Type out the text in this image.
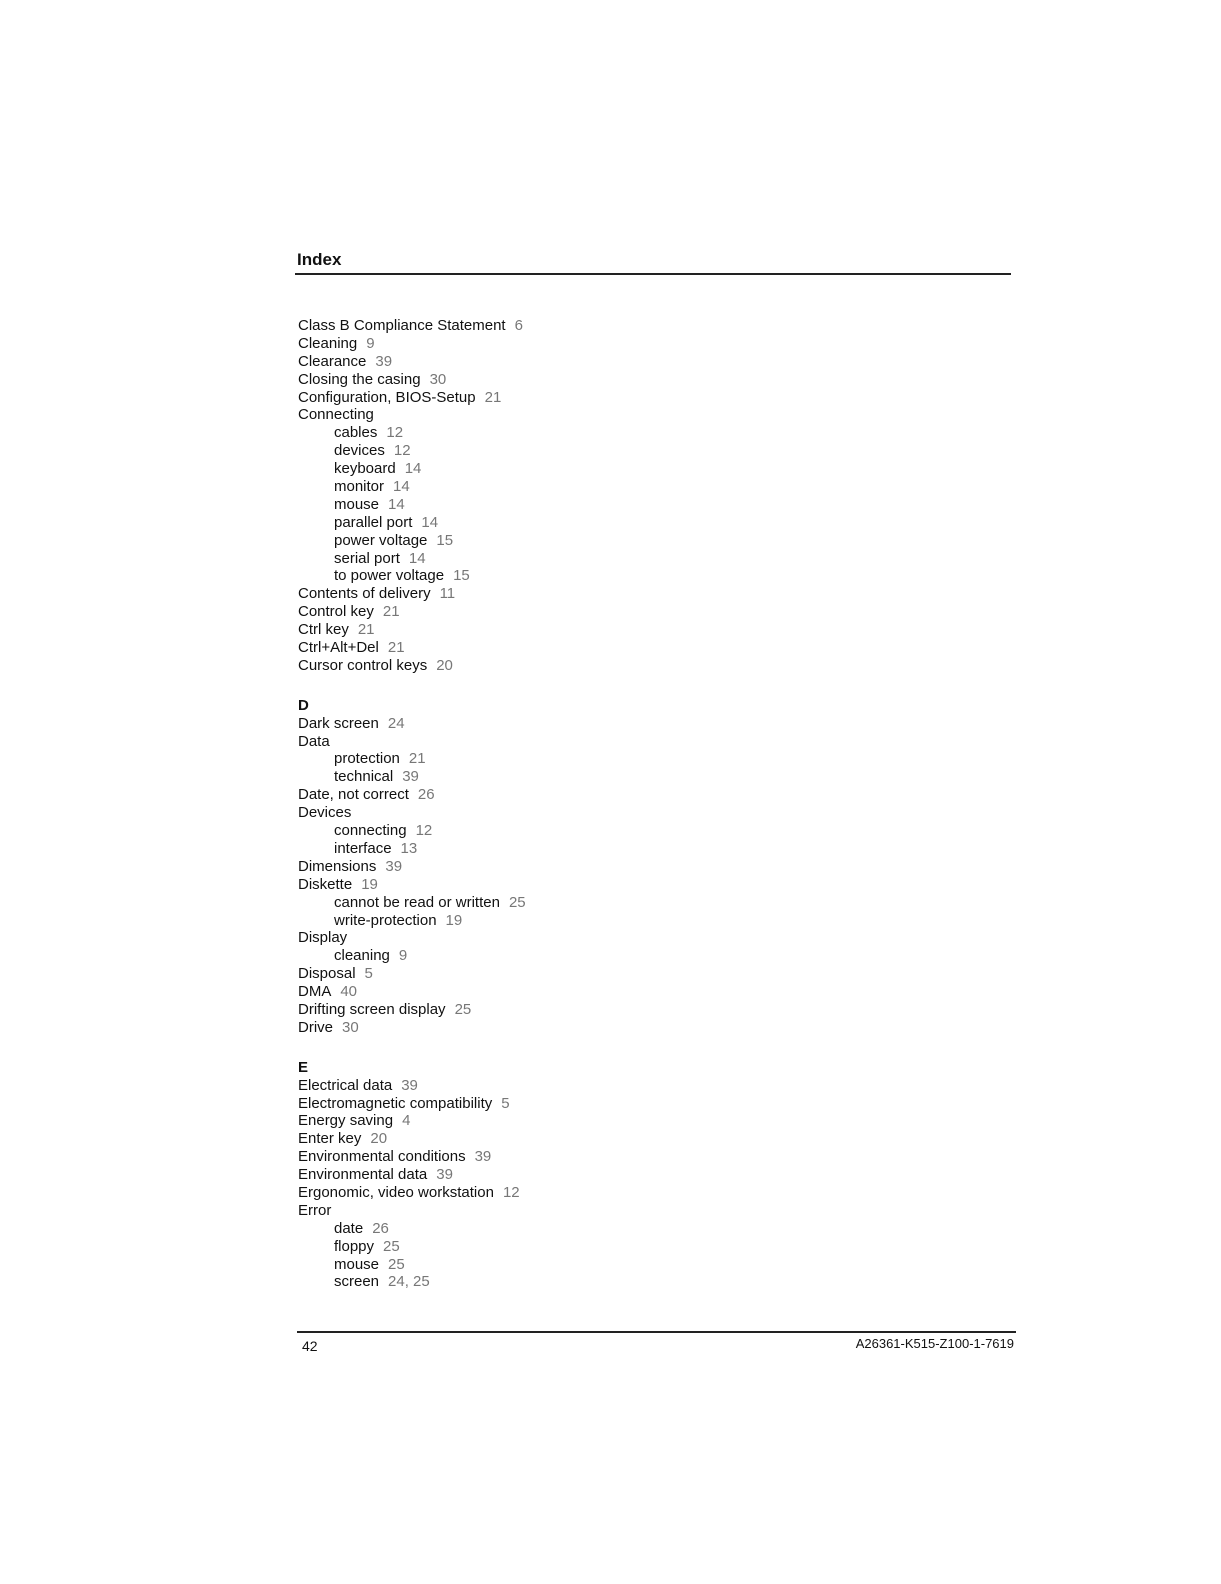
Index
Class B Compliance Statement 6
Cleaning 9
Clearance 39
Closing the casing 30
Configuration, BIOS-Setup 21
Connecting
cables 12
devices 12
keyboard 14
monitor 14
mouse 14
parallel port 14
power voltage 15
serial port 14
to power voltage 15
Contents of delivery 11
Control key 21
Ctrl key 21
Ctrl+Alt+Del 21
Cursor control keys 20
D
Dark screen 24
Data
protection 21
technical 39
Date, not correct 26
Devices
connecting 12
interface 13
Dimensions 39
Diskette 19
cannot be read or written 25
write-protection 19
Display
cleaning 9
Disposal 5
DMA 40
Drifting screen display 25
Drive 30
E
Electrical data 39
Electromagnetic compatibility 5
Energy saving 4
Enter key 20
Environmental conditions 39
Environmental data 39
Ergonomic, video workstation 12
Error
date 26
floppy 25
mouse 25
screen 24, 25
42	A26361-K515-Z100-1-7619
